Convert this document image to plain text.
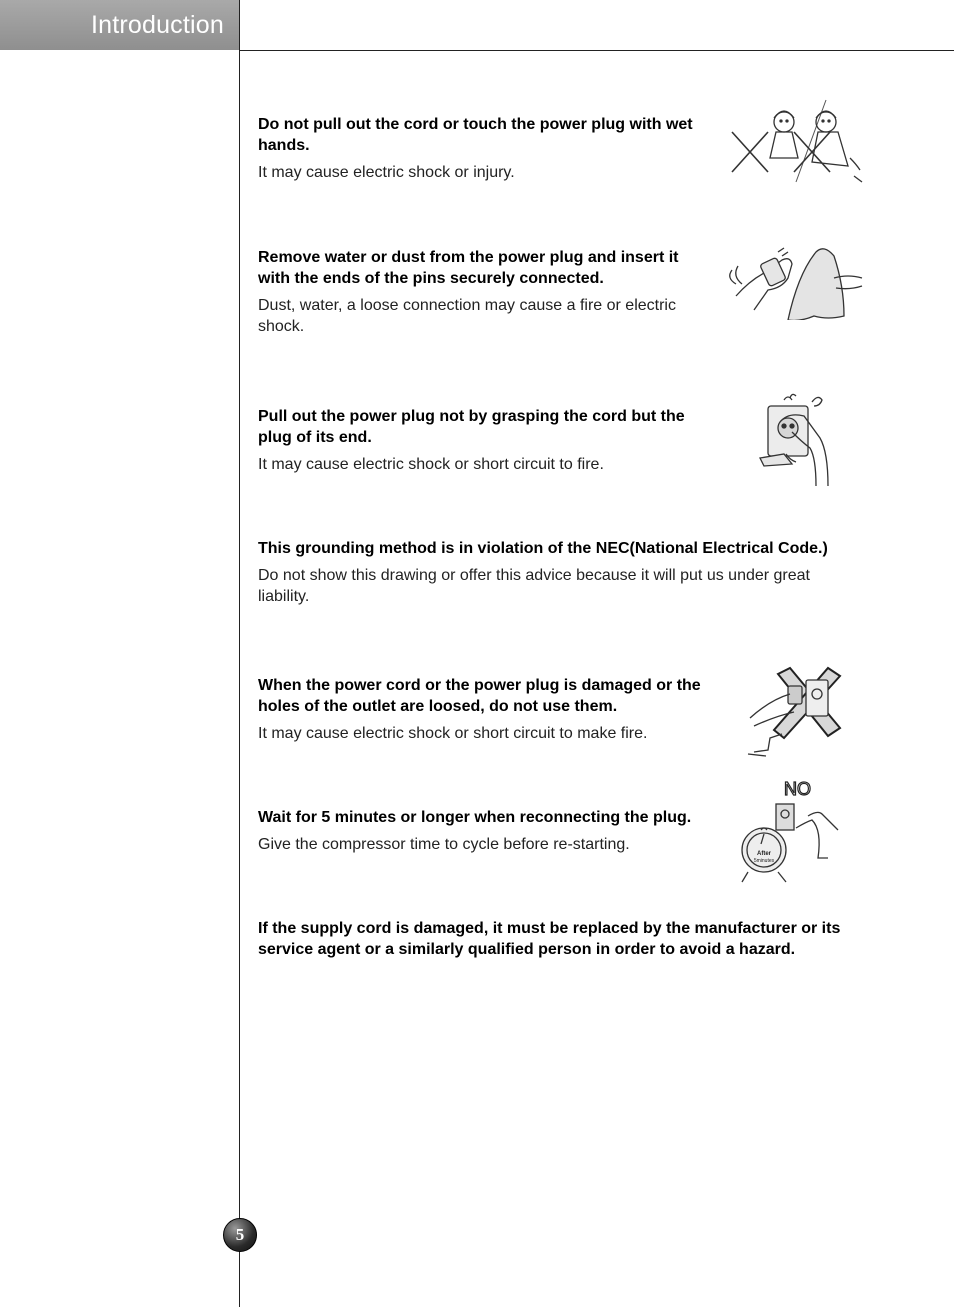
Introduction
Do not pull out the cord or touch the power plug with wet hands.

It may cause electric shock or injury.

Remove water or dust from the power plug and insert it with the ends of the pins securely connected.

Dust, water, a loose connection may cause a fire or electric shock.

Pull out the power plug not by grasping the cord but the plug of its end.

It may cause electric shock or short circuit to fire.

This grounding method is in violation of the NEC(National Electrical Code.)

Do not show this drawing or offer this advice because it will put us under great liability.

When the power cord or the power plug is damaged or the holes of the outlet are loosed, do not use them.

It may cause electric shock or short circuit to make fire.

Wait for 5 minutes or longer when reconnecting the plug.

Give the compressor time to cycle before re-starting.

NO
After
5minutes
If the supply cord is damaged, it must be replaced by the manufacturer or its service agent or a similarly qualified person in order to avoid a hazard.
5
